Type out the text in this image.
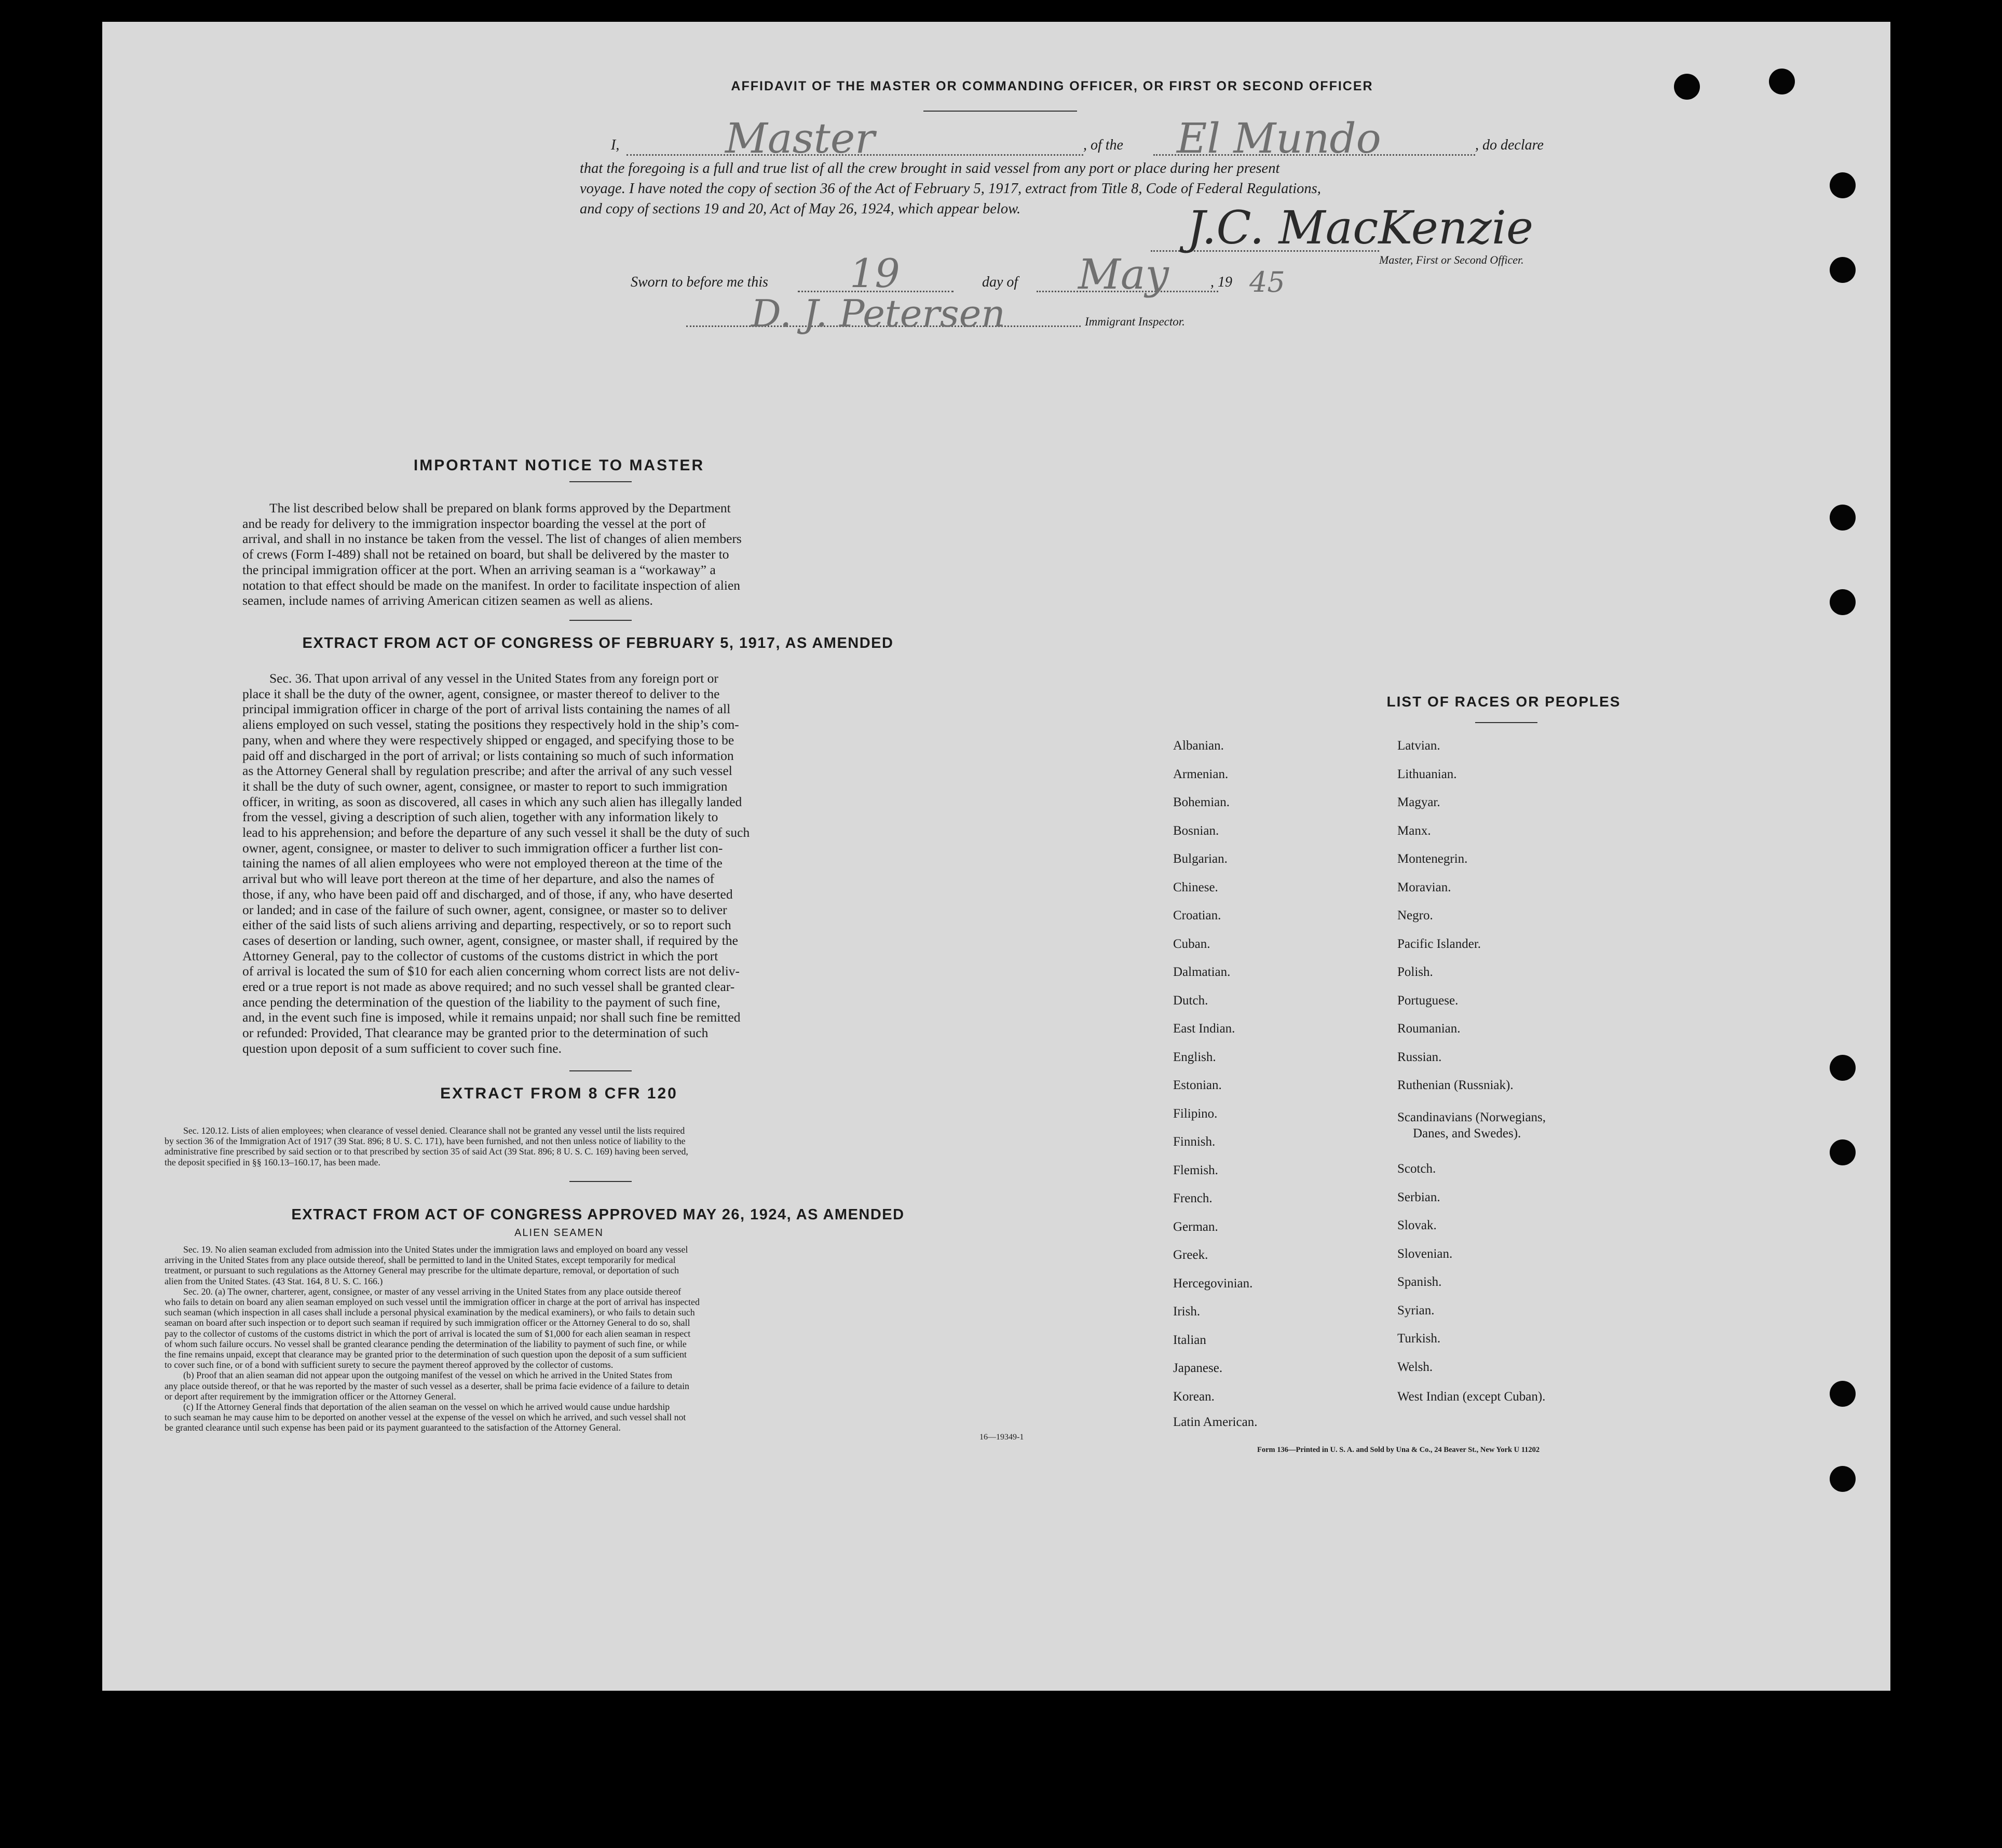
AFFIDAVIT OF THE MASTER OR COMMANDING OFFICER, OR FIRST OR SECOND OFFICER
I,	Master	, of the El Mundo	, do declare
that the foregoing is a full and true list of all the crew brought in said vessel from any port or place during her present
voyage. I have noted the copy of section 36 of the Act of February 5, 1917, extract from Title 8, Code of Federal Regulations,
and copy of sections 19 and 20, Act of May 26, 1924, which appear below.	J.C. MacKenzie
Master, First or Second Officer.
Sworn to before me this 19	day of May	, 19 45
D. J. Petersen	Immigrant Inspector.
IMPORTANT NOTICE TO MASTER
The list described below shall be prepared on blank forms approved by the Department
and be ready for delivery to the immigration inspector boarding the vessel at the port of
arrival, and shall in no instance be taken from the vessel. The list of changes of alien members
of crews (Form I-489) shall not be retained on board, but shall be delivered by the master to
the principal immigration officer at the port. When an arriving seaman is a “workaway” a
notation to that effect should be made on the manifest. In order to facilitate inspection of alien
seamen, include names of arriving American citizen seamen as well as aliens.
EXTRACT FROM ACT OF CONGRESS OF FEBRUARY 5, 1917, AS AMENDED
Sec. 36. That upon arrival of any vessel in the United States from any foreign port or
place it shall be the duty of the owner, agent, consignee, or master thereof to deliver to the
principal immigration officer in charge of the port of arrival lists containing the names of all
aliens employed on such vessel, stating the positions they respectively hold in the ship’s com-
pany, when and where they were respectively shipped or engaged, and specifying those to be
paid off and discharged in the port of arrival; or lists containing so much of such information
as the Attorney General shall by regulation prescribe; and after the arrival of any such vessel
it shall be the duty of such owner, agent, consignee, or master to report to such immigration
officer, in writing, as soon as discovered, all cases in which any such alien has illegally landed
from the vessel, giving a description of such alien, together with any information likely to
lead to his apprehension; and before the departure of any such vessel it shall be the duty of such
owner, agent, consignee, or master to deliver to such immigration officer a further list con-
taining the names of all alien employees who were not employed thereon at the time of the
arrival but who will leave port thereon at the time of her departure, and also the names of
those, if any, who have been paid off and discharged, and of those, if any, who have deserted
or landed; and in case of the failure of such owner, agent, consignee, or master so to deliver
either of the said lists of such aliens arriving and departing, respectively, or so to report such
cases of desertion or landing, such owner, agent, consignee, or master shall, if required by the
Attorney General, pay to the collector of customs of the customs district in which the port
of arrival is located the sum of $10 for each alien concerning whom correct lists are not deliv-
ered or a true report is not made as above required; and no such vessel shall be granted clear-
ance pending the determination of the question of the liability to the payment of such fine,
and, in the event such fine is imposed, while it remains unpaid; nor shall such fine be remitted
or refunded: Provided, That clearance may be granted prior to the determination of such
question upon deposit of a sum sufficient to cover such fine.
EXTRACT FROM 8 CFR 120
Sec. 120.12. Lists of alien employees; when clearance of vessel denied. Clearance shall not be granted any vessel until the lists required
by section 36 of the Immigration Act of 1917 (39 Stat. 896; 8 U. S. C. 171), have been furnished, and not then unless notice of liability to the
administrative fine prescribed by said section or to that prescribed by section 35 of said Act (39 Stat. 896; 8 U. S. C. 169) having been served,
the deposit specified in §§ 160.13–160.17, has been made.
EXTRACT FROM ACT OF CONGRESS APPROVED MAY 26, 1924, AS AMENDED
ALIEN SEAMEN
Sec. 19. No alien seaman excluded from admission into the United States under the immigration laws and employed on board any vessel
arriving in the United States from any place outside thereof, shall be permitted to land in the United States, except temporarily for medical
treatment, or pursuant to such regulations as the Attorney General may prescribe for the ultimate departure, removal, or deportation of such
alien from the United States. (43 Stat. 164, 8 U. S. C. 166.)
Sec. 20. (a) The owner, charterer, agent, consignee, or master of any vessel arriving in the United States from any place outside thereof
who fails to detain on board any alien seaman employed on such vessel until the immigration officer in charge at the port of arrival has inspected
such seaman (which inspection in all cases shall include a personal physical examination by the medical examiners), or who fails to detain such
seaman on board after such inspection or to deport such seaman if required by such immigration officer or the Attorney General to do so, shall
pay to the collector of customs of the customs district in which the port of arrival is located the sum of $1,000 for each alien seaman in respect
of whom such failure occurs. No vessel shall be granted clearance pending the determination of the liability to payment of such fine, or while
the fine remains unpaid, except that clearance may be granted prior to the determination of such question upon the deposit of a sum sufficient
to cover such fine, or of a bond with sufficient surety to secure the payment thereof approved by the collector of customs.
(b) Proof that an alien seaman did not appear upon the outgoing manifest of the vessel on which he arrived in the United States from
any place outside thereof, or that he was reported by the master of such vessel as a deserter, shall be prima facie evidence of a failure to detain
or deport after requirement by the immigration officer or the Attorney General.
(c) If the Attorney General finds that deportation of the alien seaman on the vessel on which he arrived would cause undue hardship
to such seaman he may cause him to be deported on another vessel at the expense of the vessel on which he arrived, and such vessel shall not
be granted clearance until such expense has been paid or its payment guaranteed to the satisfaction of the Attorney General.
16—19349-1
LIST OF RACES OR PEOPLES
Albanian.
Armenian.
Bohemian.
Bosnian.
Bulgarian.
Chinese.
Croatian.
Cuban.
Dalmatian.
Dutch.
East Indian.
English.
Estonian.
Filipino.
Finnish.
Flemish.
French.
German.
Greek.
Hercegovinian.
Irish.
Italian
Japanese.
Korean.
Latin American.
Latvian.
Lithuanian.
Magyar.
Manx.
Montenegrin.
Moravian.
Negro.
Pacific Islander.
Polish.
Portuguese.
Roumanian.
Russian.
Ruthenian (Russniak).
Scandinavians (Norwegians,
Danes, and Swedes).
Scotch.
Serbian.
Slovak.
Slovenian.
Spanish.
Syrian.
Turkish.
Welsh.
West Indian (except Cuban).
Form 136—Printed in U. S. A. and Sold by Una & Co., 24 Beaver St., New York U 11202
